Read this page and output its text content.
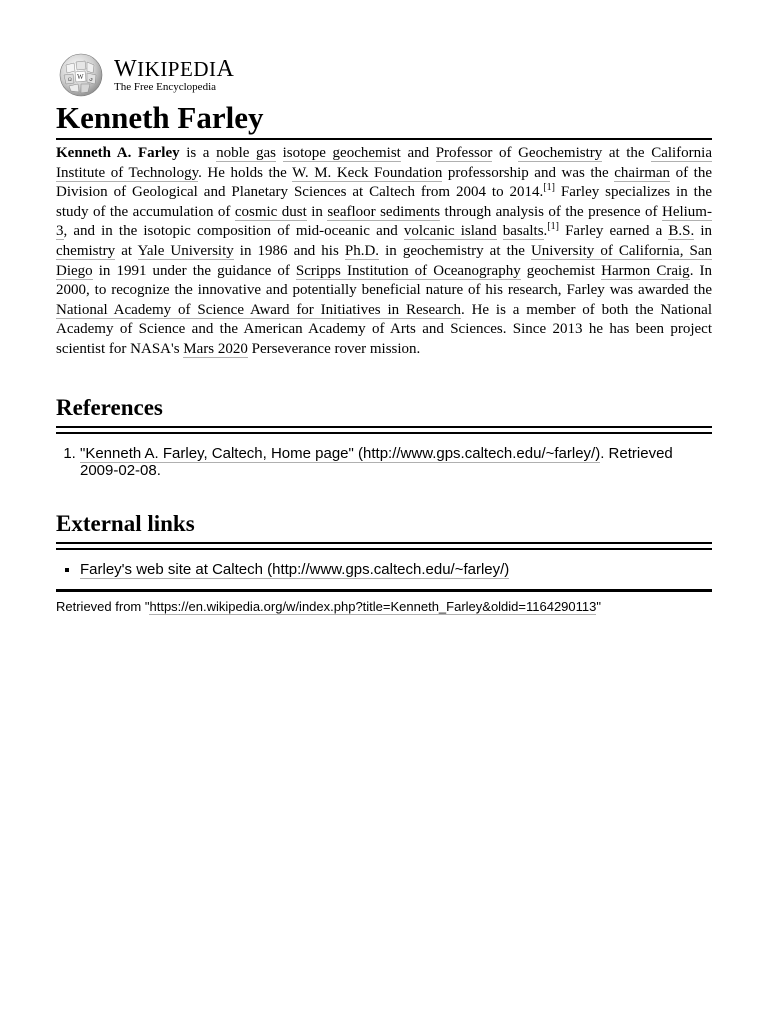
W
Ω	ي WIKIPEDIA
The Free Encyclopedia
Kenneth Farley

Kenneth A. Farley is a noble gas isotope geochemist and Professor of Geochemistry at the California Institute of Technology. He holds the W. M. Keck Foundation professorship and was the chairman of the Division of Geological and Planetary Sciences at Caltech from 2004 to 2014.[1] Farley specializes in the study of the accumulation of cosmic dust in seafloor sediments through analysis of the presence of Helium-3, and in the isotopic composition of mid-oceanic and volcanic island basalts.[1] Farley earned a B.S. in chemistry at Yale University in 1986 and his Ph.D. in geochemistry at the University of California, San Diego in 1991 under the guidance of Scripps Institution of Oceanography geochemist Harmon Craig. In 2000, to recognize the innovative and potentially beneficial nature of his research, Farley was awarded the National Academy of Science Award for Initiatives in Research. He is a member of both the National Academy of Science and the American Academy of Arts and Sciences. Since 2013 he has been project scientist for NASA's Mars 2020 Perseverance rover mission.

References
1. "Kenneth A. Farley, Caltech, Home page" (http://www.gps.caltech.edu/~farley/). Retrieved 2009-02-08.
External links
▪ Farley's web site at Caltech (http://www.gps.caltech.edu/~farley/)
Retrieved from "https://en.wikipedia.org/w/index.php?title=Kenneth_Farley&oldid=1164290113"
